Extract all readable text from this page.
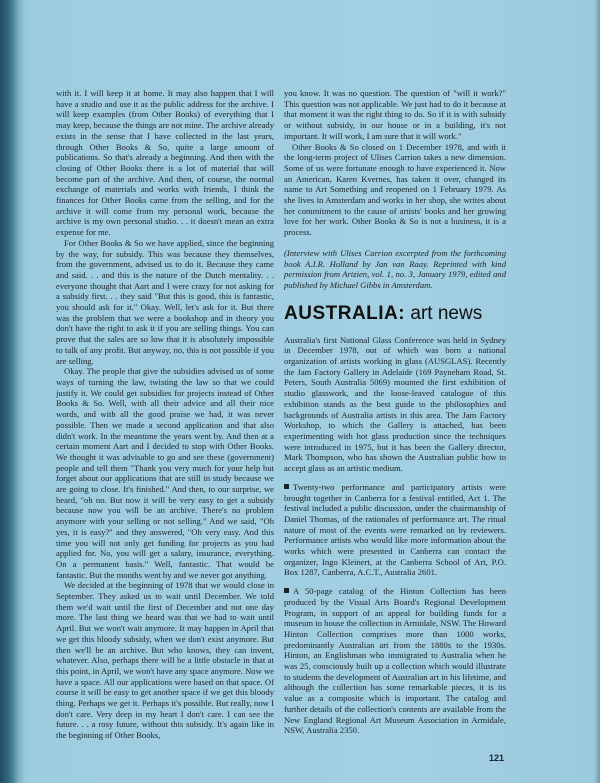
with it. I will keep it at home. It may also happen that I will have a studio and use it as the public address for the archive. I will keep examples (from Other Books) of everything that I may keep, because the things are not mine. The archive already exists in the sense that I have collected in the last years, through Other Books & So, quite a large amount of publications. So that's already a beginning. And then with the closing of Other Books there is a lot of material that will become part of the archive. And then, of course, the normal exchange of materials and works with friends, I think the finances for Other Books came from the selling, and for the archive it will come from my personal work, because the archive is my own personal studio. . . it doesn't mean an extra expense for me.

For Other Books & So we have applied, since the beginning by the way, for subsidy. This was because they themselves, from the government, advised us to do it. Because they came and said. . . and this is the nature of the Dutch mentality. . . everyone thought that Aart and I were crazy for not asking for a subsidy first. . . they said "But this is good, this is fantastic, you should ask for it." Okay. Well, let's ask for it. But there was the problem that we were a bookshop and in theory you don't have the right to ask it if you are selling things. You can prove that the sales are so low that it is absolutely impossible to talk of any profit. But anyway, no, this is not possible if you are selling.

Okay. The people that give the subsidies advised us of some ways of turning the law, twisting the law so that we could justify it. We could get subsidies for projects instead of Other Books & So. Well, with all their advice and all their nice words, and with all the good praise we had, it was never possible. Then we made a second application and that also didn't work. In the meantime the years went by. And then at a certain moment Aart and I decided to stop with Other Books. We thought it was advisable to go and see these (government) people and tell them "Thank you very much for your help but forget about our applications that are still in study because we are going to close. It's finished." And then, to our surprise, we heard, "oh no. But now it will be very easy to get a subsidy because now you will be an archive. There's no problem anymore with your selling or not selling." And we said, "Oh yes, it is easy?" and they answered, "Oh very easy. And this time you will not only get funding for projects as you had applied for. No, you will get a salary, insurance, everything. On a permanent basis." Well, fantastic. That would be fantastic. But the months went by and we never got anything.

We decided at the beginning of 1978 that we would close in September. They asked us to wait until December. We told them we'd wait until the first of December and not one day more. The last thing we heard was that we had to wait until April. But we won't wait anymore. It may happen in April that we get this bloody subsidy, when we don't exist anymore. But then we'll be an archive. But who knows, they can invent, whatever. Also, perhaps there will be a little obstacle in that at this point, in April, we won't have any space anymore. Now we have a space. All our applications were based on that space. Of course it will be easy to get another space if we get this bloody thing. Perhaps we get it. Perhaps it's possible. But really, now I don't care. Very deep in my heart I don't care. I can see the future. . . a rosy future, without this subsidy. It's again like in the beginning of Other Books,

you know. It was no question. The question of "will it work?" This question was not applicable. We just had to do it because at that moment it was the right thing to do. So if it is with subsidy or without subsidy, in our house or in a building, it's not important. It will work, I am sure that it will work."

Other Books & So closed on 1 December 1978, and with it the long-term project of Ulises Carrion takes a new dimension. Some of us were fortunate enough to have experienced it. Now an American, Karen Kvernes, has taken it over, changed its name to Art Something and reopened on 1 February 1979. As she lives in Amsterdam and works in her shop, she writes about her commitment to the cause of artists' books and her growing love for her work. Other Books & So is not a business, it is a process.

(Interview with Ulises Carrion excerpted from the forthcoming book A.I.R. Holland by Jan van Raay. Reprinted with kind permission from Artzien, vol. 1, no. 3, January 1979, edited and published by Michael Gibbs in Amsterdam.

AUSTRALIA: art news

Australia's first National Glass Conference was held in Sydney in December 1978, out of which was born a national organization of artists working in glass (AUSGLAS). Recently the Jam Factory Gallery in Adelaide (169 Payneham Road, St. Peters, South Australia 5069) mounted the first exhibition of studio glasswork, and the loose-leaved catalogue of this exhibition stands as the best guide to the philosophies and backgrounds of Australia artists in this area. The Jam Factory Workshop, to which the Gallery is attached, has been experimenting with hot glass production since the techniques were introduced in 1975, but it has been the Gallery director, Mark Thompson, who has shown the Australian public how to accept glass as an artistic medium.

Twenty-two performance and participatory artists were brought together in Canberra for a festival entitled, Act 1. The festival included a public discussion, under the chairmanship of Daniel Thomas, of the rationales of performance art. The ritual nature of most of the events were remarked on by reviewers. Performance artists who would like more information about the works which were presented in Canberra can contact the organizer, Ingo Kleinert, at the Canberra School of Art, P.O. Box 1287, Canberra, A.C.T., Australia 2601.

A 50-page catalog of the Hinton Collection has been produced by the Visual Arts Board's Regional Development Program, in support of an appeal for building funds for a museum to house the collection in Armidale, NSW. The Howard Hinton Collection comprises more than 1000 works, predominantly Australian art from the 1880s to the 1930s. Hinton, an Englishman who immigrated to Australia when he was 25, consciously built up a collection which would illustrate to students the development of Australian art in his lifetime, and although the collection has some remarkable pieces, it is its value as a composite which is important. The catalog and further details of the collection's contents are available from the New England Regional Art Museum Association in Armidale, NSW, Australia 2350.

121
